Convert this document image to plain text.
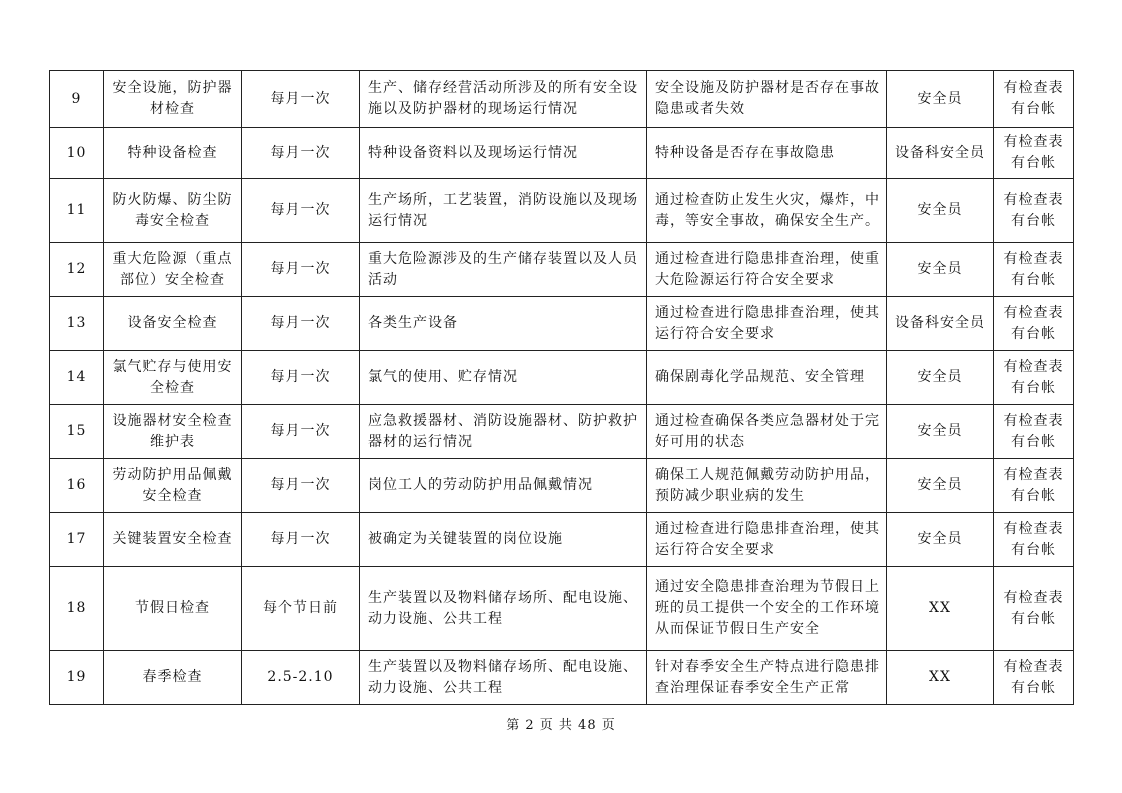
9	安全设施，防护器材检查	每月一次	生产、储存经营活动所涉及的所有安全设施以及防护器材的现场运行情况	安全设施及防护器材是否存在事故隐患或者失效	安全员	有检查表有台帐
10	特种设备检查	每月一次	特种设备资料以及现场运行情况	特种设备是否存在事故隐患	设备科安全员	有检查表有台帐
11	防火防爆、防尘防毒安全检查	每月一次	生产场所，工艺装置，消防设施以及现场运行情况	通过检查防止发生火灾，爆炸，中毒，等安全事故，确保安全生产。	安全员	有检查表有台帐
12	重大危险源（重点部位）安全检查	每月一次	重大危险源涉及的生产储存装置以及人员活动	通过检查进行隐患排查治理，使重大危险源运行符合安全要求	安全员	有检查表有台帐
13	设备安全检查	每月一次	各类生产设备	通过检查进行隐患排查治理，使其运行符合安全要求	设备科安全员	有检查表有台帐
14	氯气贮存与使用安全检查	每月一次	氯气的使用、贮存情况	确保剧毒化学品规范、安全管理	安全员	有检查表有台帐
15	设施器材安全检查维护表	每月一次	应急救援器材、消防设施器材、防护救护器材的运行情况	通过检查确保各类应急器材处于完好可用的状态	安全员	有检查表有台帐
16	劳动防护用品佩戴安全检查	每月一次	岗位工人的劳动防护用品佩戴情况	确保工人规范佩戴劳动防护用品，预防减少职业病的发生	安全员	有检查表有台帐
17	关键装置安全检查	每月一次	被确定为关键装置的岗位设施	通过检查进行隐患排查治理，使其运行符合安全要求	安全员	有检查表有台帐
18	节假日检查	每个节日前	生产装置以及物料储存场所、配电设施、动力设施、公共工程	通过安全隐患排查治理为节假日上班的员工提供一个安全的工作环境从而保证节假日生产安全	XX	有检查表有台帐
19	春季检查	2.5-2.10	生产装置以及物料储存场所、配电设施、动力设施、公共工程	针对春季安全生产特点进行隐患排查治理保证春季安全生产正常	XX	有检查表有台帐
第 2 页 共 48 页
